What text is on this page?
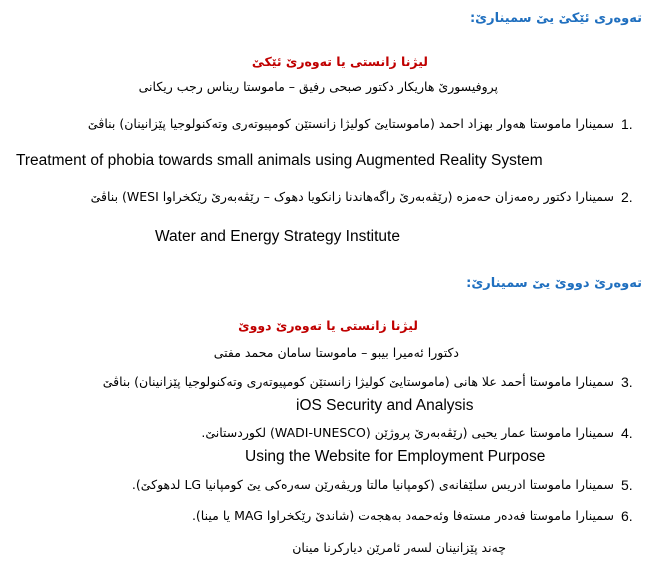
تەوەری ئێکێ یێ سمینارێ:
لیژنا زانستی یا تەوەرێ ئێکێ
پروفیسورێ هاریکار دکتور صبحی رفیق – ماموستا ریناس رجب ریکانی
1.
سمینارا ماموستا هەوار بهزاد احمد (ماموستایێ کولیژا زانستێن کومپیوتەری وتەکنولوجیا پێزانینان) بناڤێ
Treatment of phobia towards small animals using Augmented Reality System
2.
سمینارا دکتور رەمەزان حەمزە (رێڤەبەرێ راگەهاندنا زانکویا دهوک – رێڤەبەرێ رێکخراوا WESI) بناڤێ
Water and Energy Strategy Institute
تەوەرێ دووێ یێ سمینارێ:
لیژنا زانستی یا تەوەرێ دووێ
دکتورا ئەمیرا بیبو – ماموستا سامان محمد مفتی
3.
سمینارا ماموستا أحمد علا هانی (ماموستایێ کولیژا زانستێن کومپیوتەری وتەکنولوجیا پێزانینان) بناڤێ
iOS Security and Analysis
4.
سمینارا ماموستا عمار یحیی (رێڤەبەرێ پروژێن (WADI-UNESCO) لکوردستانێ.
Using the Website for Employment Purpose
5.
سمینارا ماموستا ادریس سلێفانەی (کومپانیا مالتا وریڤەرێن سەرەکی یێ کومپانیا LG لدهوکێ).
6.
سمینارا ماموستا فەدەر مستەفا وئەحمەد بەهجەت (شاندێ رێکخراوا MAG یا مینا).
چەند پێزانینان لسەر ئامرێن دیارکرنا مینان
